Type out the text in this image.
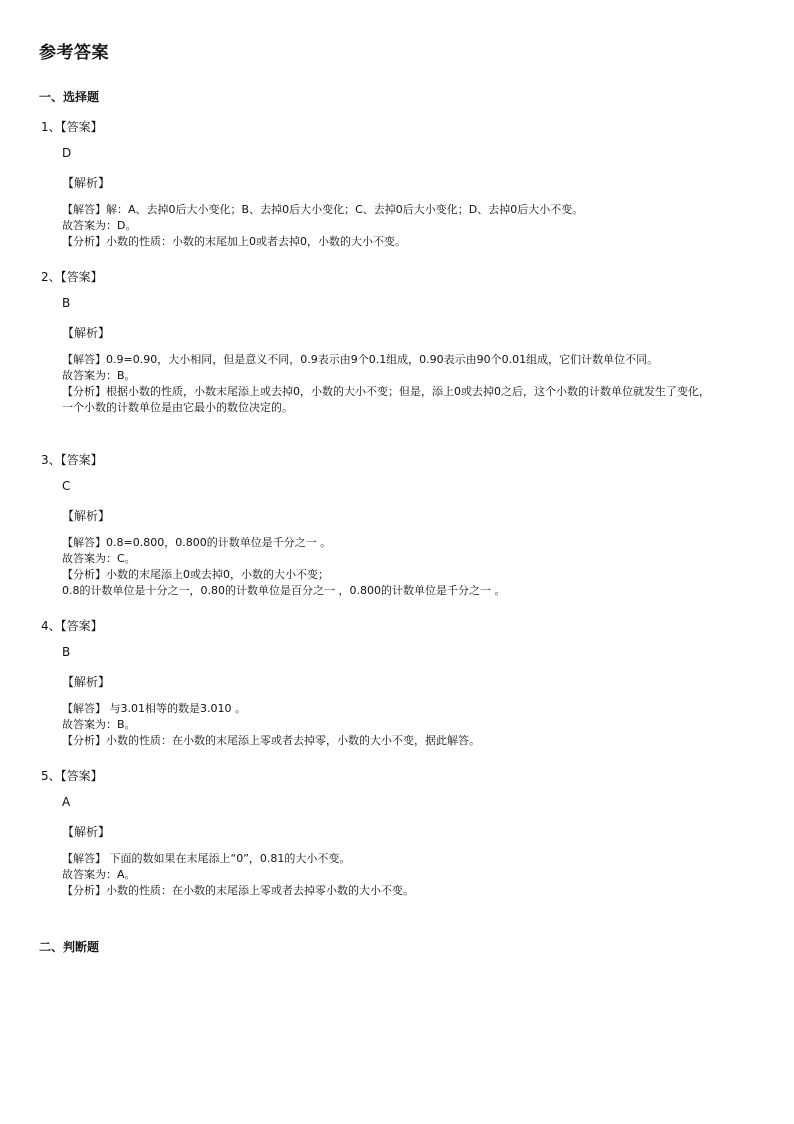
参考答案
一、选择题
1、【答案】
D
【解析】
【解答】解：A、去掉0后大小变化；B、去掉0后大小变化；C、去掉0后大小变化；D、去掉0后大小不变。
故答案为：D。
【分析】小数的性质：小数的末尾加上0或者去掉0，小数的大小不变。
2、【答案】
B
【解析】
【解答】0.9=0.90，大小相同，但是意义不同，0.9表示由9个0.1组成，0.90表示由90个0.01组成，它们计数单位不同。
故答案为：B。
【分析】根据小数的性质，小数末尾添上或去掉0，小数的大小不变；但是，添上0或去掉0之后，这个小数的计数单位就发生了变化，一个小数的计数单位是由它最小的数位决定的。
3、【答案】
C
【解析】
【解答】0.8=0.800，0.800的计数单位是千分之一 。
故答案为：C。
【分析】小数的末尾添上0或去掉0，小数的大小不变；
0.8的计数单位是十分之一，0.80的计数单位是百分之一 ，0.800的计数单位是千分之一 。
4、【答案】
B
【解析】
【解答】 与3.01相等的数是3.010 。
故答案为：B。
【分析】小数的性质：在小数的末尾添上零或者去掉零，小数的大小不变，据此解答。
5、【答案】
A
【解析】
【解答】 下面的数如果在末尾添上“0”，0.81的大小不变。
故答案为：A。
【分析】小数的性质：在小数的末尾添上零或者去掉零小数的大小不变。
二、判断题
